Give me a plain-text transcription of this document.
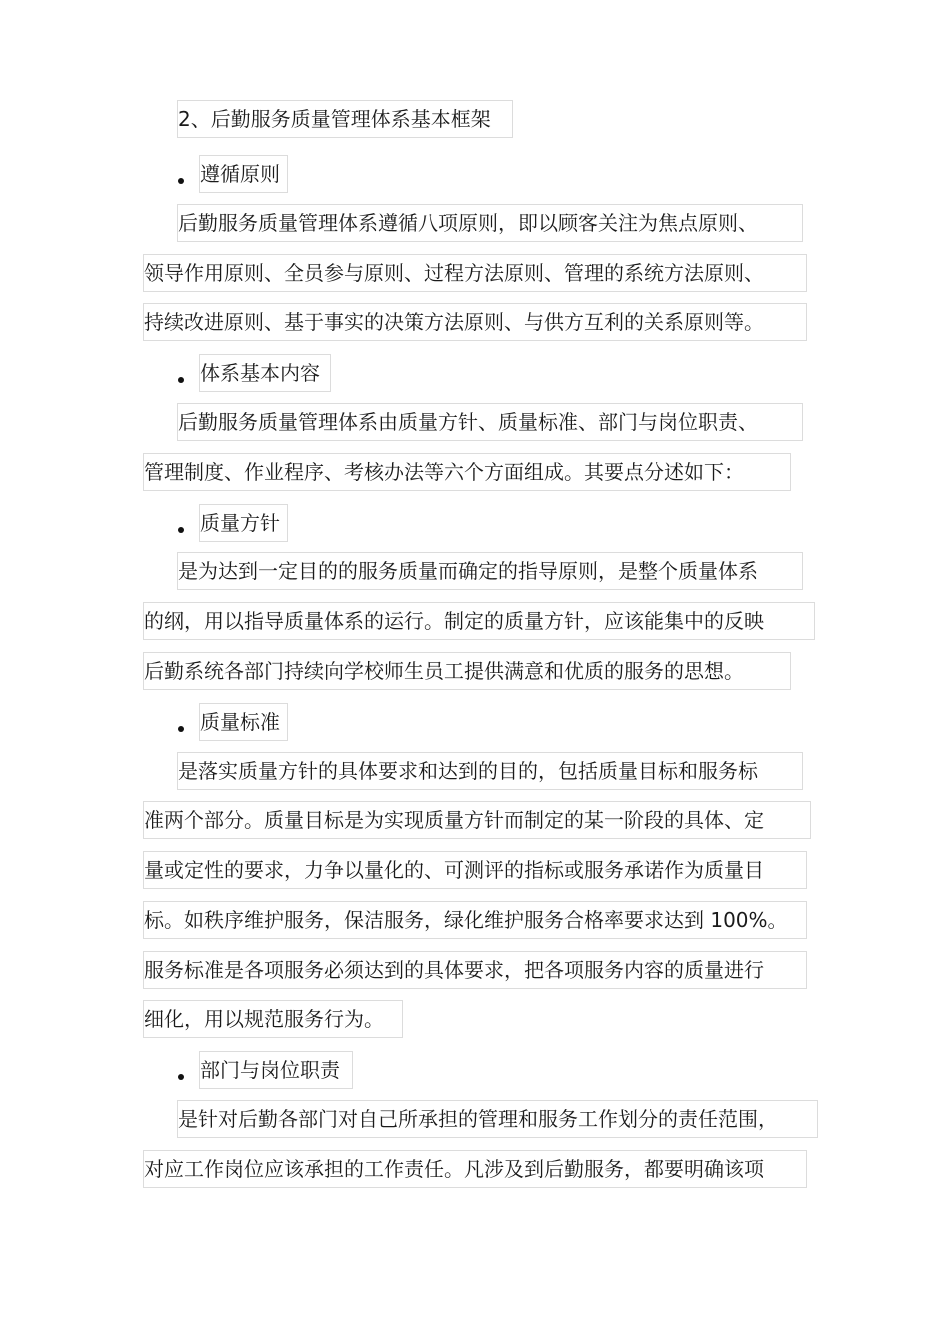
2、后勤服务质量管理体系基本框架
遵循原则
后勤服务质量管理体系遵循八项原则，即以顾客关注为焦点原则、
领导作用原则、全员参与原则、过程方法原则、管理的系统方法原则、
持续改进原则、基于事实的决策方法原则、与供方互利的关系原则等。
体系基本内容
后勤服务质量管理体系由质量方针、质量标准、部门与岗位职责、
管理制度、作业程序、考核办法等六个方面组成。其要点分述如下：
质量方针
是为达到一定目的的服务质量而确定的指导原则，是整个质量体系
的纲，用以指导质量体系的运行。制定的质量方针，应该能集中的反映
后勤系统各部门持续向学校师生员工提供满意和优质的服务的思想。
质量标准
是落实质量方针的具体要求和达到的目的，包括质量目标和服务标
准两个部分。质量目标是为实现质量方针而制定的某一阶段的具体、定
量或定性的要求，力争以量化的、可测评的指标或服务承诺作为质量目
标。如秩序维护服务，保洁服务，绿化维护服务合格率要求达到 100%。
服务标准是各项服务必须达到的具体要求，把各项服务内容的质量进行
细化，用以规范服务行为。
部门与岗位职责
是针对后勤各部门对自己所承担的管理和服务工作划分的责任范围，
对应工作岗位应该承担的工作责任。凡涉及到后勤服务，都要明确该项
